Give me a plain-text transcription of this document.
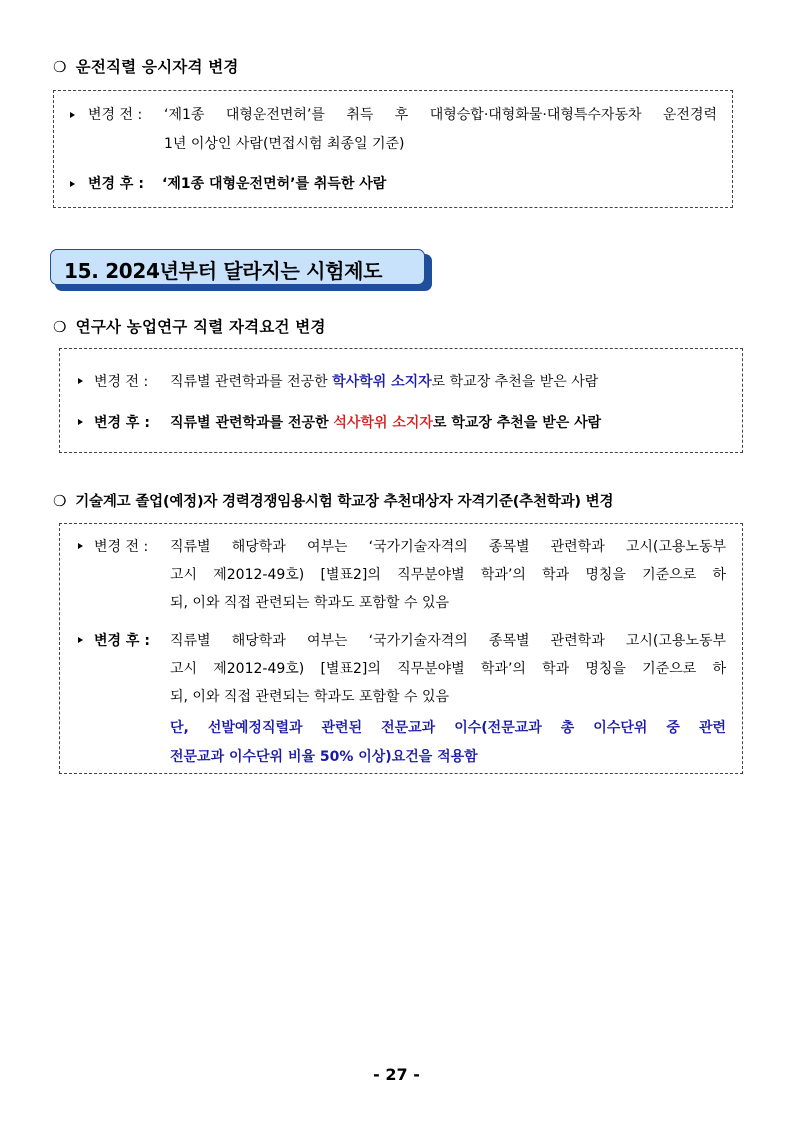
❍ 운전직렬 응시자격 변경
변경 전 : ‘제1종 대형운전면허’를 취득 후 대형승합·대형화물·대형특수자동차 운전경력
1년 이상인 사람(면접시험 최종일 기준)
변경 후 : ‘제1종 대형운전면허’를 취득한 사람
15. 2024년부터 달라지는 시험제도
❍ 연구사 농업연구 직렬 자격요건 변경
변경 전 : 직류별 관련학과를 전공한 학사학위 소지자로 학교장 추천을 받은 사람
변경 후 : 직류별 관련학과를 전공한 석사학위 소지자로 학교장 추천을 받은 사람
❍ 기술계고 졸업(예정)자 경력경쟁임용시험 학교장 추천대상자 자격기준(추천학과) 변경
변경 전 : 직류별 해당학과 여부는 ‘국가기술자격의 종목별 관련학과 고시(고용노동부
고시 제2012-49호) [별표2]의 직무분야별 학과’의 학과 명칭을 기준으로 하
되, 이와 직접 관련되는 학과도 포함할 수 있음
변경 후 : 직류별 해당학과 여부는 ‘국가기술자격의 종목별 관련학과 고시(고용노동부
고시 제2012-49호) [별표2]의 직무분야별 학과’의 학과 명칭을 기준으로 하
되, 이와 직접 관련되는 학과도 포함할 수 있음
단, 선발예정직렬과 관련된 전문교과 이수(전문교과 총 이수단위 중 관련
전문교과 이수단위 비율 50% 이상)요건을 적용함
- 27 -
